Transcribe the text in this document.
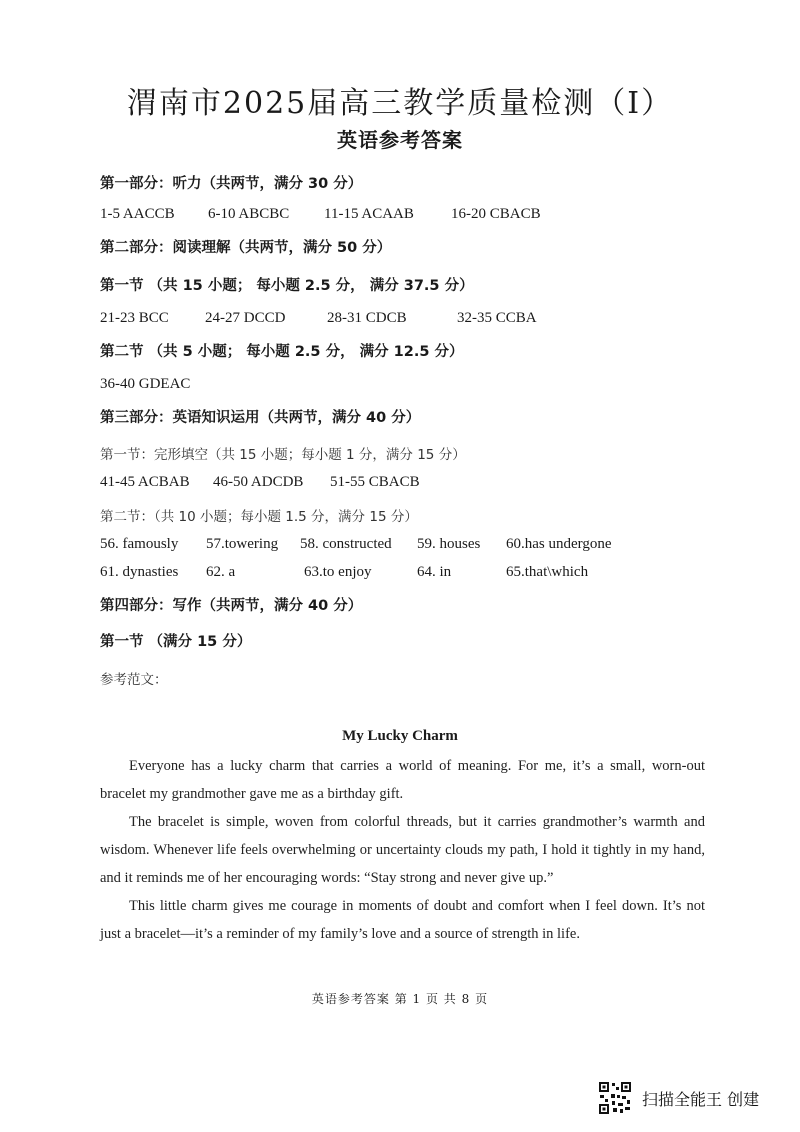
渭南市2025届高三教学质量检测（Ⅰ）
英语参考答案
第一部分：听力（共两节，满分 30 分）
1-5 AACCB 6-10 ABCBC 11-15 ACAAB 16-20 CBACB
第二部分：阅读理解（共两节，满分 50 分）
第一节 （共 15 小题； 每小题 2.5 分， 满分 37.5 分）
21-23 BCC 24-27 DCCD	28-31 CDCB	32-35 CCBA
第二节 （共 5 小题； 每小题 2.5 分， 满分 12.5 分）
36-40 GDEAC
第三部分：英语知识运用（共两节，满分 40 分）
第一节：完形填空（共 15 小题；每小题 1 分，满分 15 分）
41-45 ACBAB 46-50 ADCDB 51-55 CBACB
第二节：（共 10 小题；每小题 1.5 分，满分 15 分）
56. famously 57.towering 58. constructed 59. houses 60.has undergone
61. dynasties 62. a	63.to enjoy	64. in	65.that\which
第四部分：写作（共两节，满分 40 分）
第一节 （满分 15 分）
参考范文：
My Lucky Charm

Everyone has a lucky charm that carries a world of meaning. For me, it’s a small, worn-out bracelet my grandmother gave me as a birthday gift.

The bracelet is simple, woven from colorful threads, but it carries grandmother’s warmth and wisdom. Whenever life feels overwhelming or uncertainty clouds my path, I hold it tightly in my hand, and it reminds me of her encouraging words: “Stay strong and never give up.”

This little charm gives me courage in moments of doubt and comfort when I feel down. It’s not just a bracelet—it’s a reminder of my family’s love and a source of strength in life.

英语参考答案 第 1 页 共 8 页
扫描全能王 创建
